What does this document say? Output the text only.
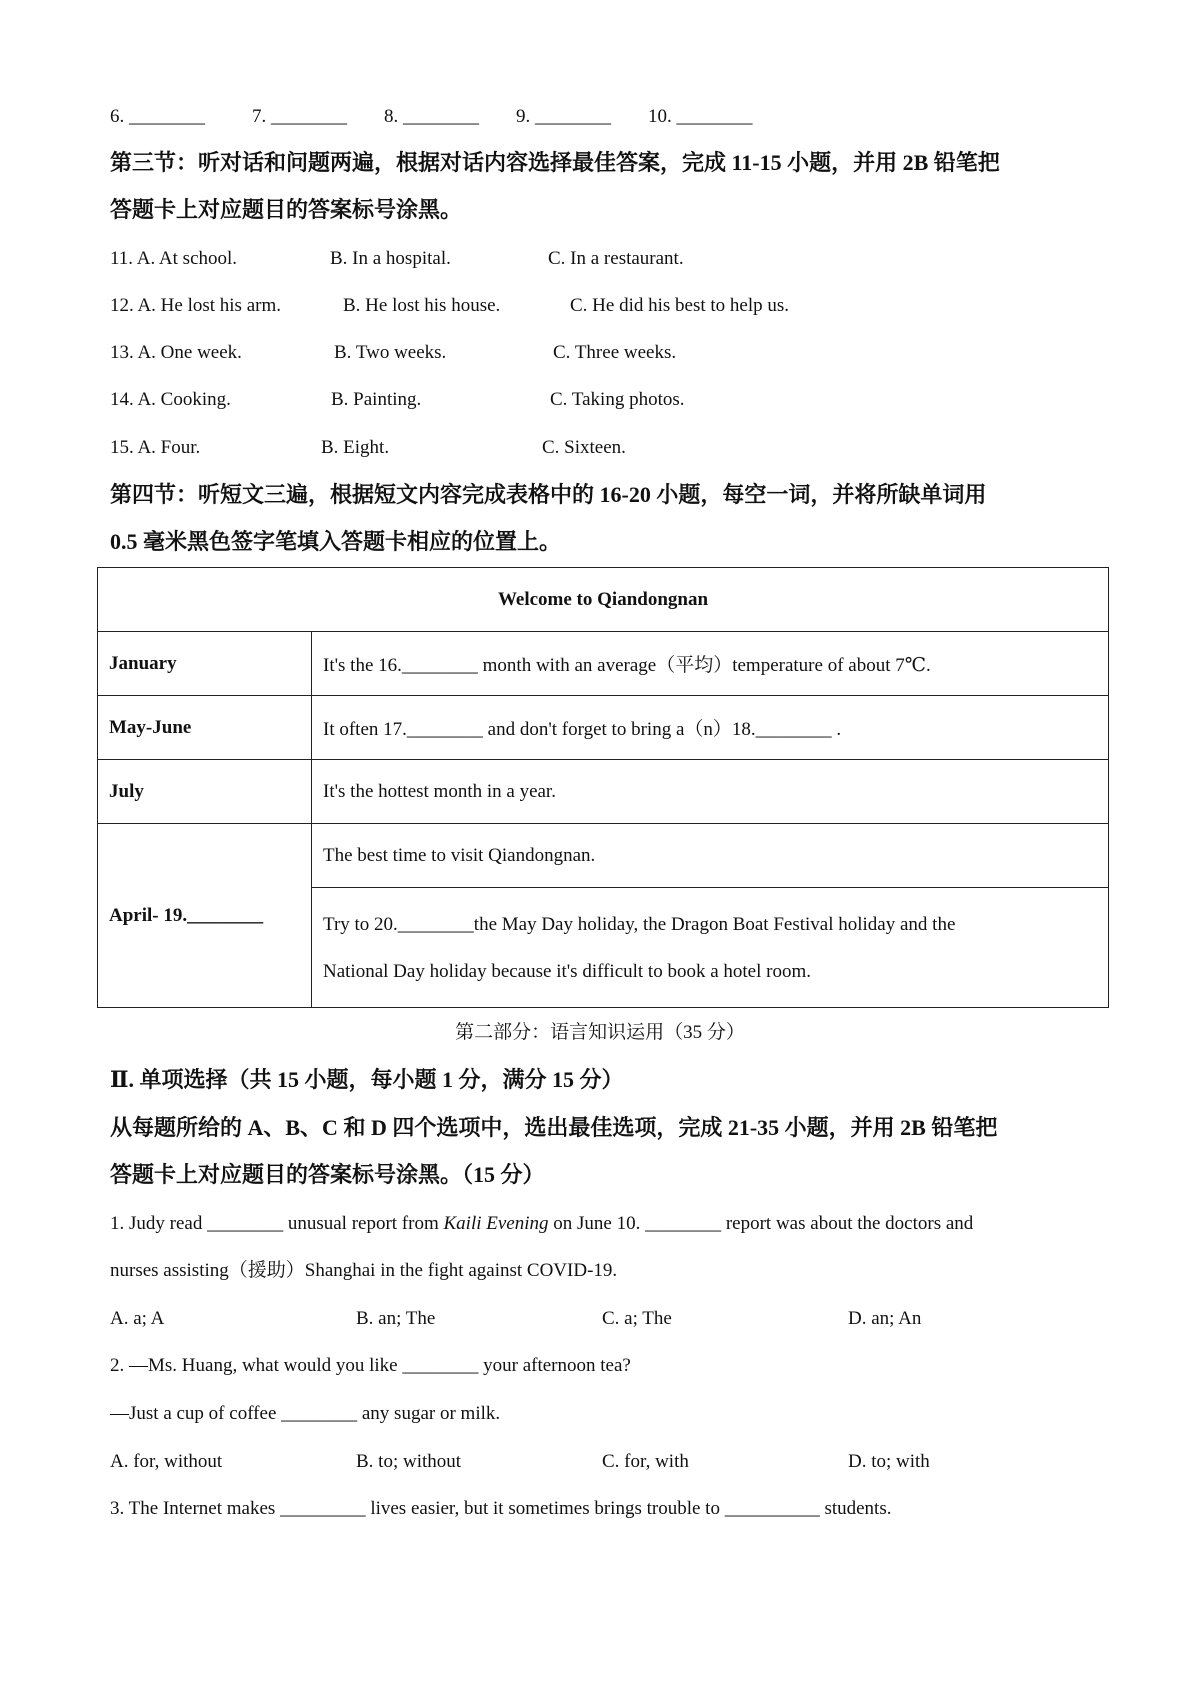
6. ________ 7. ________ 8. ________ 9. ________ 10. ________
第三节：听对话和问题两遍，根据对话内容选择最佳答案，完成 11-15 小题，并用 2B 铅笔把
答题卡上对应题目的答案标号涂黑。
11. A. At school.	B. In a hospital.	C. In a restaurant.
12. A. He lost his arm.	B. He lost his house.	C. He did his best to help us.
13. A. One week.	B. Two weeks.	C. Three weeks.
14. A. Cooking.	B. Painting.	C. Taking photos.
15. A. Four.	B. Eight.	C. Sixteen.
第四节：听短文三遍，根据短文内容完成表格中的 16-20 小题，每空一词，并将所缺单词用
0.5 毫米黑色签字笔填入答题卡相应的位置上。
Welcome to Qiandongnan	
January	It's the 16.________ month with an average（平均）temperature of about 7℃.
May-June	It often 17.________ and don't forget to bring a（n）18.________ .
July	It's the hottest month in a year.
April- 19.________	The best time to visit Qiandongnan.

	Try to 20.________the May Day holiday, the Dragon Boat Festival holiday and the
National Day holiday because it's difficult to book a hotel room.
第二部分：语言知识运用（35 分）
Ⅱ. 单项选择（共 15 小题，每小题 1 分，满分 15 分）
从每题所给的 A、B、C 和 D 四个选项中，选出最佳选项，完成 21-35 小题，并用 2B 铅笔把
答题卡上对应题目的答案标号涂黑。（15 分）
1. Judy read ________ unusual report from Kaili Evening on June 10. ________ report was about the doctors and
nurses assisting（援助）Shanghai in the fight against COVID-19.
A. a; A	B. an; The	C. a; The	D. an; An
2. —Ms. Huang, what would you like ________ your afternoon tea?
—Just a cup of coffee ________ any sugar or milk.
A. for, without	B. to; without	C. for, with	D. to; with
3. The Internet makes _________ lives easier, but it sometimes brings trouble to __________ students.
